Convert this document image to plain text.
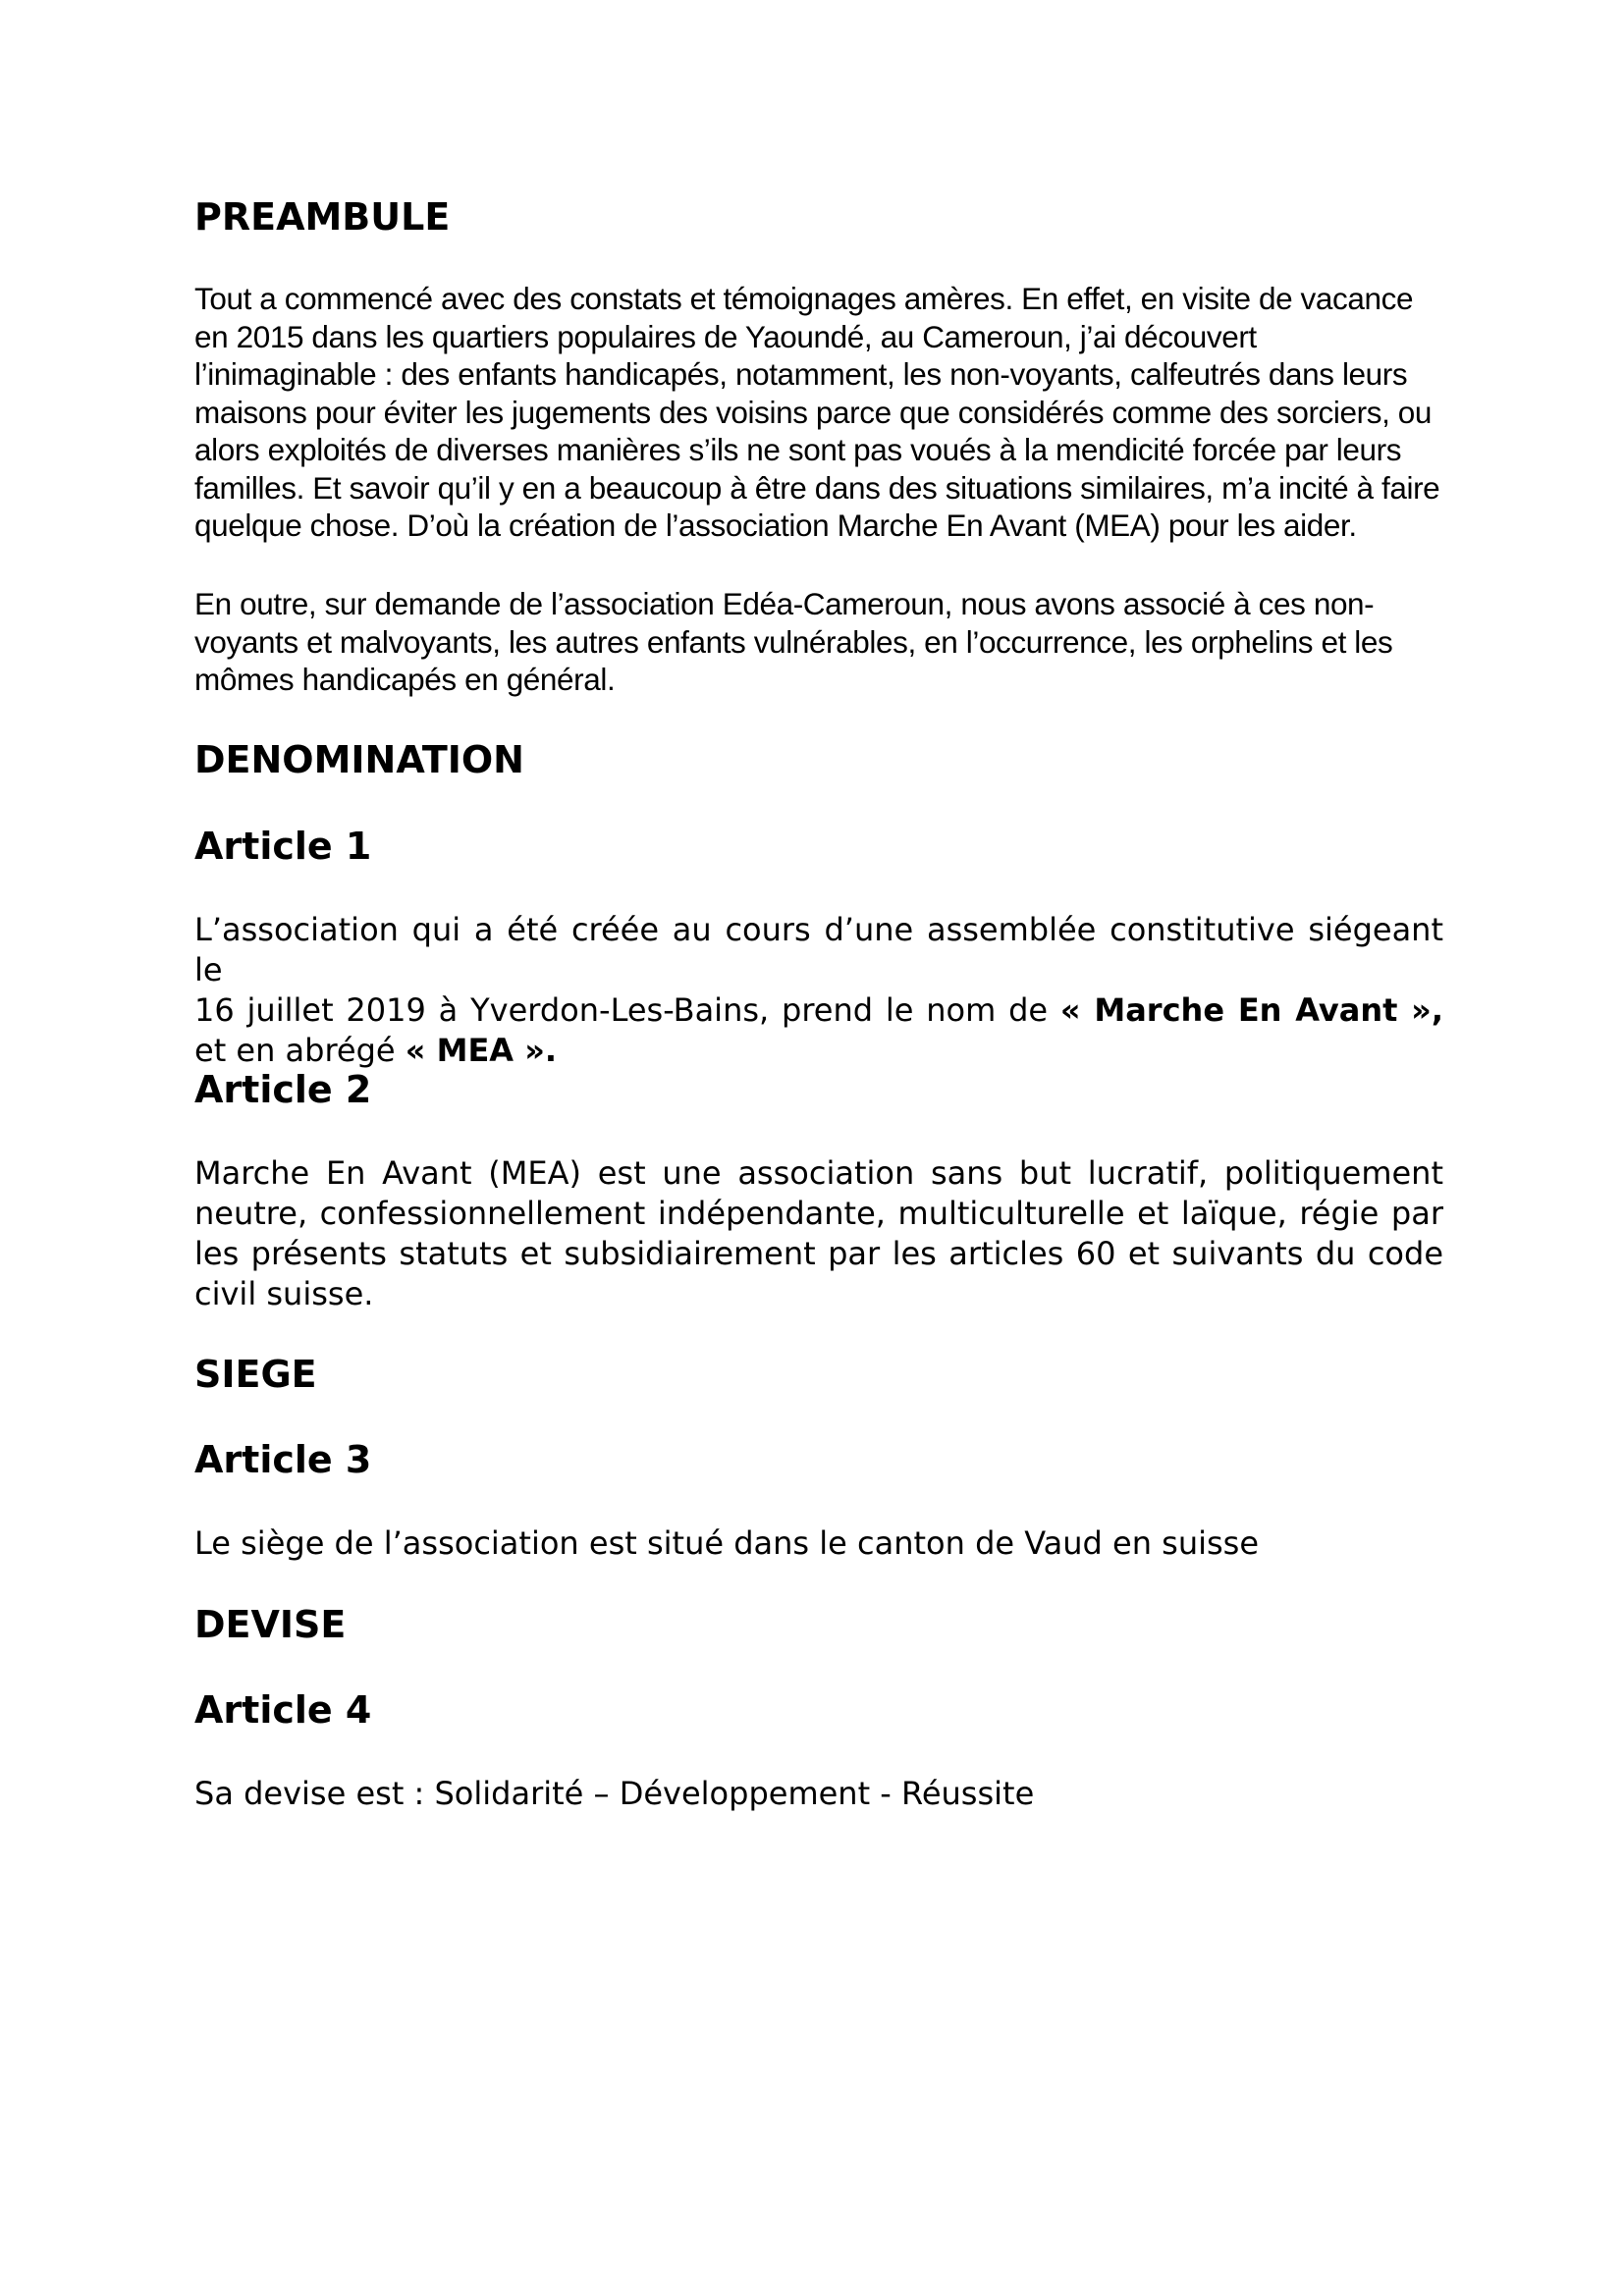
PREAMBULE

Tout a commencé avec des constats et témoignages amères. En effet, en visite de vacance
en 2015 dans les quartiers populaires de Yaoundé, au Cameroun, j’ai découvert
l’inimaginable : des enfants handicapés, notamment, les non-voyants, calfeutrés dans leurs
maisons pour éviter les jugements des voisins parce que considérés comme des sorciers, ou
alors exploités de diverses manières s’ils ne sont pas voués à la mendicité forcée par leurs
familles. Et savoir qu’il y en a beaucoup à être dans des situations similaires, m’a incité à faire
quelque chose. D’où la création de l’association Marche En Avant (MEA) pour les aider.

En outre, sur demande de l’association Edéa-Cameroun, nous avons associé à ces non-
voyants et malvoyants, les autres enfants vulnérables, en l’occurrence, les orphelins et les
mômes handicapés en général.

DENOMINATION
Article 1

L’association qui a été créée au cours d’une assemblée constitutive siégeant le
16 juillet 2019 à Yverdon-Les-Bains, prend le nom de « Marche En Avant »,
et en abrégé « MEA ».

Article 2

Marche En Avant (MEA) est une association sans but lucratif, politiquement
neutre, confessionnellement indépendante, multiculturelle et laïque, régie par
les présents statuts et subsidiairement par les articles 60 et suivants du code
civil suisse.

SIEGE
Article 3

Le siège de l’association est situé dans le canton de Vaud en suisse

DEVISE
Article 4

Sa devise est : Solidarité – Développement - Réussite
